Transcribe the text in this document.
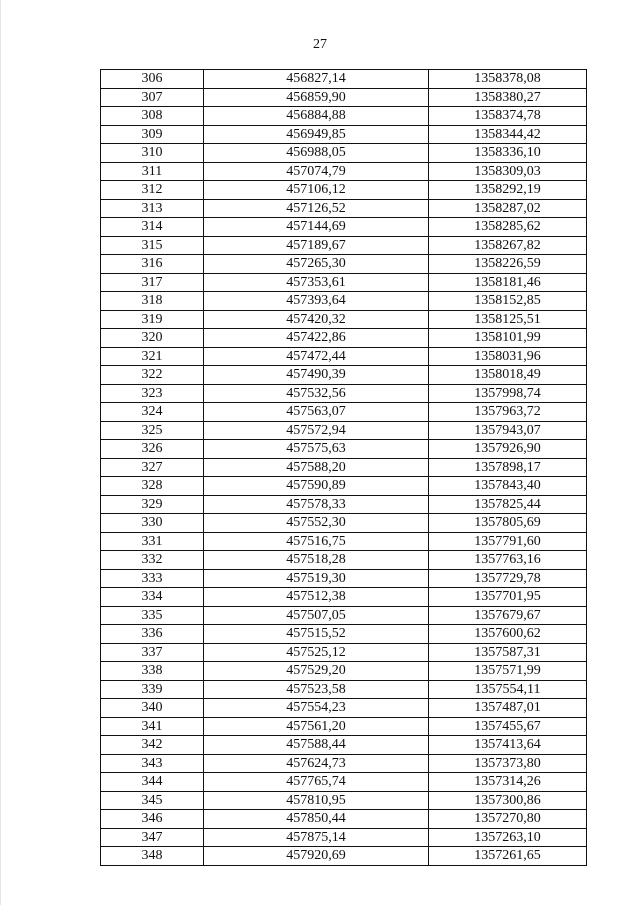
27
306	456827,14	1358378,08
307	456859,90	1358380,27
308	456884,88	1358374,78
309	456949,85	1358344,42
310	456988,05	1358336,10
311	457074,79	1358309,03
312	457106,12	1358292,19
313	457126,52	1358287,02
314	457144,69	1358285,62
315	457189,67	1358267,82
316	457265,30	1358226,59
317	457353,61	1358181,46
318	457393,64	1358152,85
319	457420,32	1358125,51
320	457422,86	1358101,99
321	457472,44	1358031,96
322	457490,39	1358018,49
323	457532,56	1357998,74
324	457563,07	1357963,72
325	457572,94	1357943,07
326	457575,63	1357926,90
327	457588,20	1357898,17
328	457590,89	1357843,40
329	457578,33	1357825,44
330	457552,30	1357805,69
331	457516,75	1357791,60
332	457518,28	1357763,16
333	457519,30	1357729,78
334	457512,38	1357701,95
335	457507,05	1357679,67
336	457515,52	1357600,62
337	457525,12	1357587,31
338	457529,20	1357571,99
339	457523,58	1357554,11
340	457554,23	1357487,01
341	457561,20	1357455,67
342	457588,44	1357413,64
343	457624,73	1357373,80
344	457765,74	1357314,26
345	457810,95	1357300,86
346	457850,44	1357270,80
347	457875,14	1357263,10
348	457920,69	1357261,65
